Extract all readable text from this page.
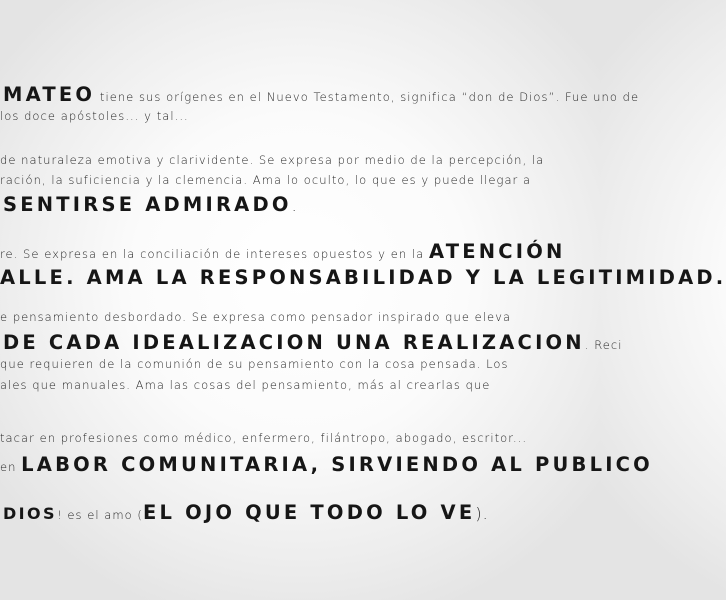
MATEO tiene sus orígenes en el Nuevo Testamento, significa “don de Dios”. Fue uno de
los doce apóstoles... y tal...
de naturaleza emotiva y clarividente. Se expresa por medio de la percepción, la
ración, la suficiencia y la clemencia. Ama lo oculto, lo que es y puede llegar a
SENTIRSE ADMIRADO.
re. Se expresa en la conciliación de intereses opuestos y en la ATENCIÓN
ALLE. AMA LA RESPONSABILIDAD Y LA LEGITIMIDAD.
e pensamiento desbordado. Se expresa como pensador inspirado que eleva
DE CADA IDEALIZACION UNA REALIZACION. Reci
que requieren de la comunión de su pensamiento con la cosa pensada. Los
ales que manuales. Ama las cosas del pensamiento, más al crearlas que
tacar en profesiones como médico, enfermero, filántropo, abogado, escritor...
en LABOR COMUNITARIA, SIRVIENDO AL PUBLICO
DIOS! es el amo (EL OJO QUE TODO LO VE).
